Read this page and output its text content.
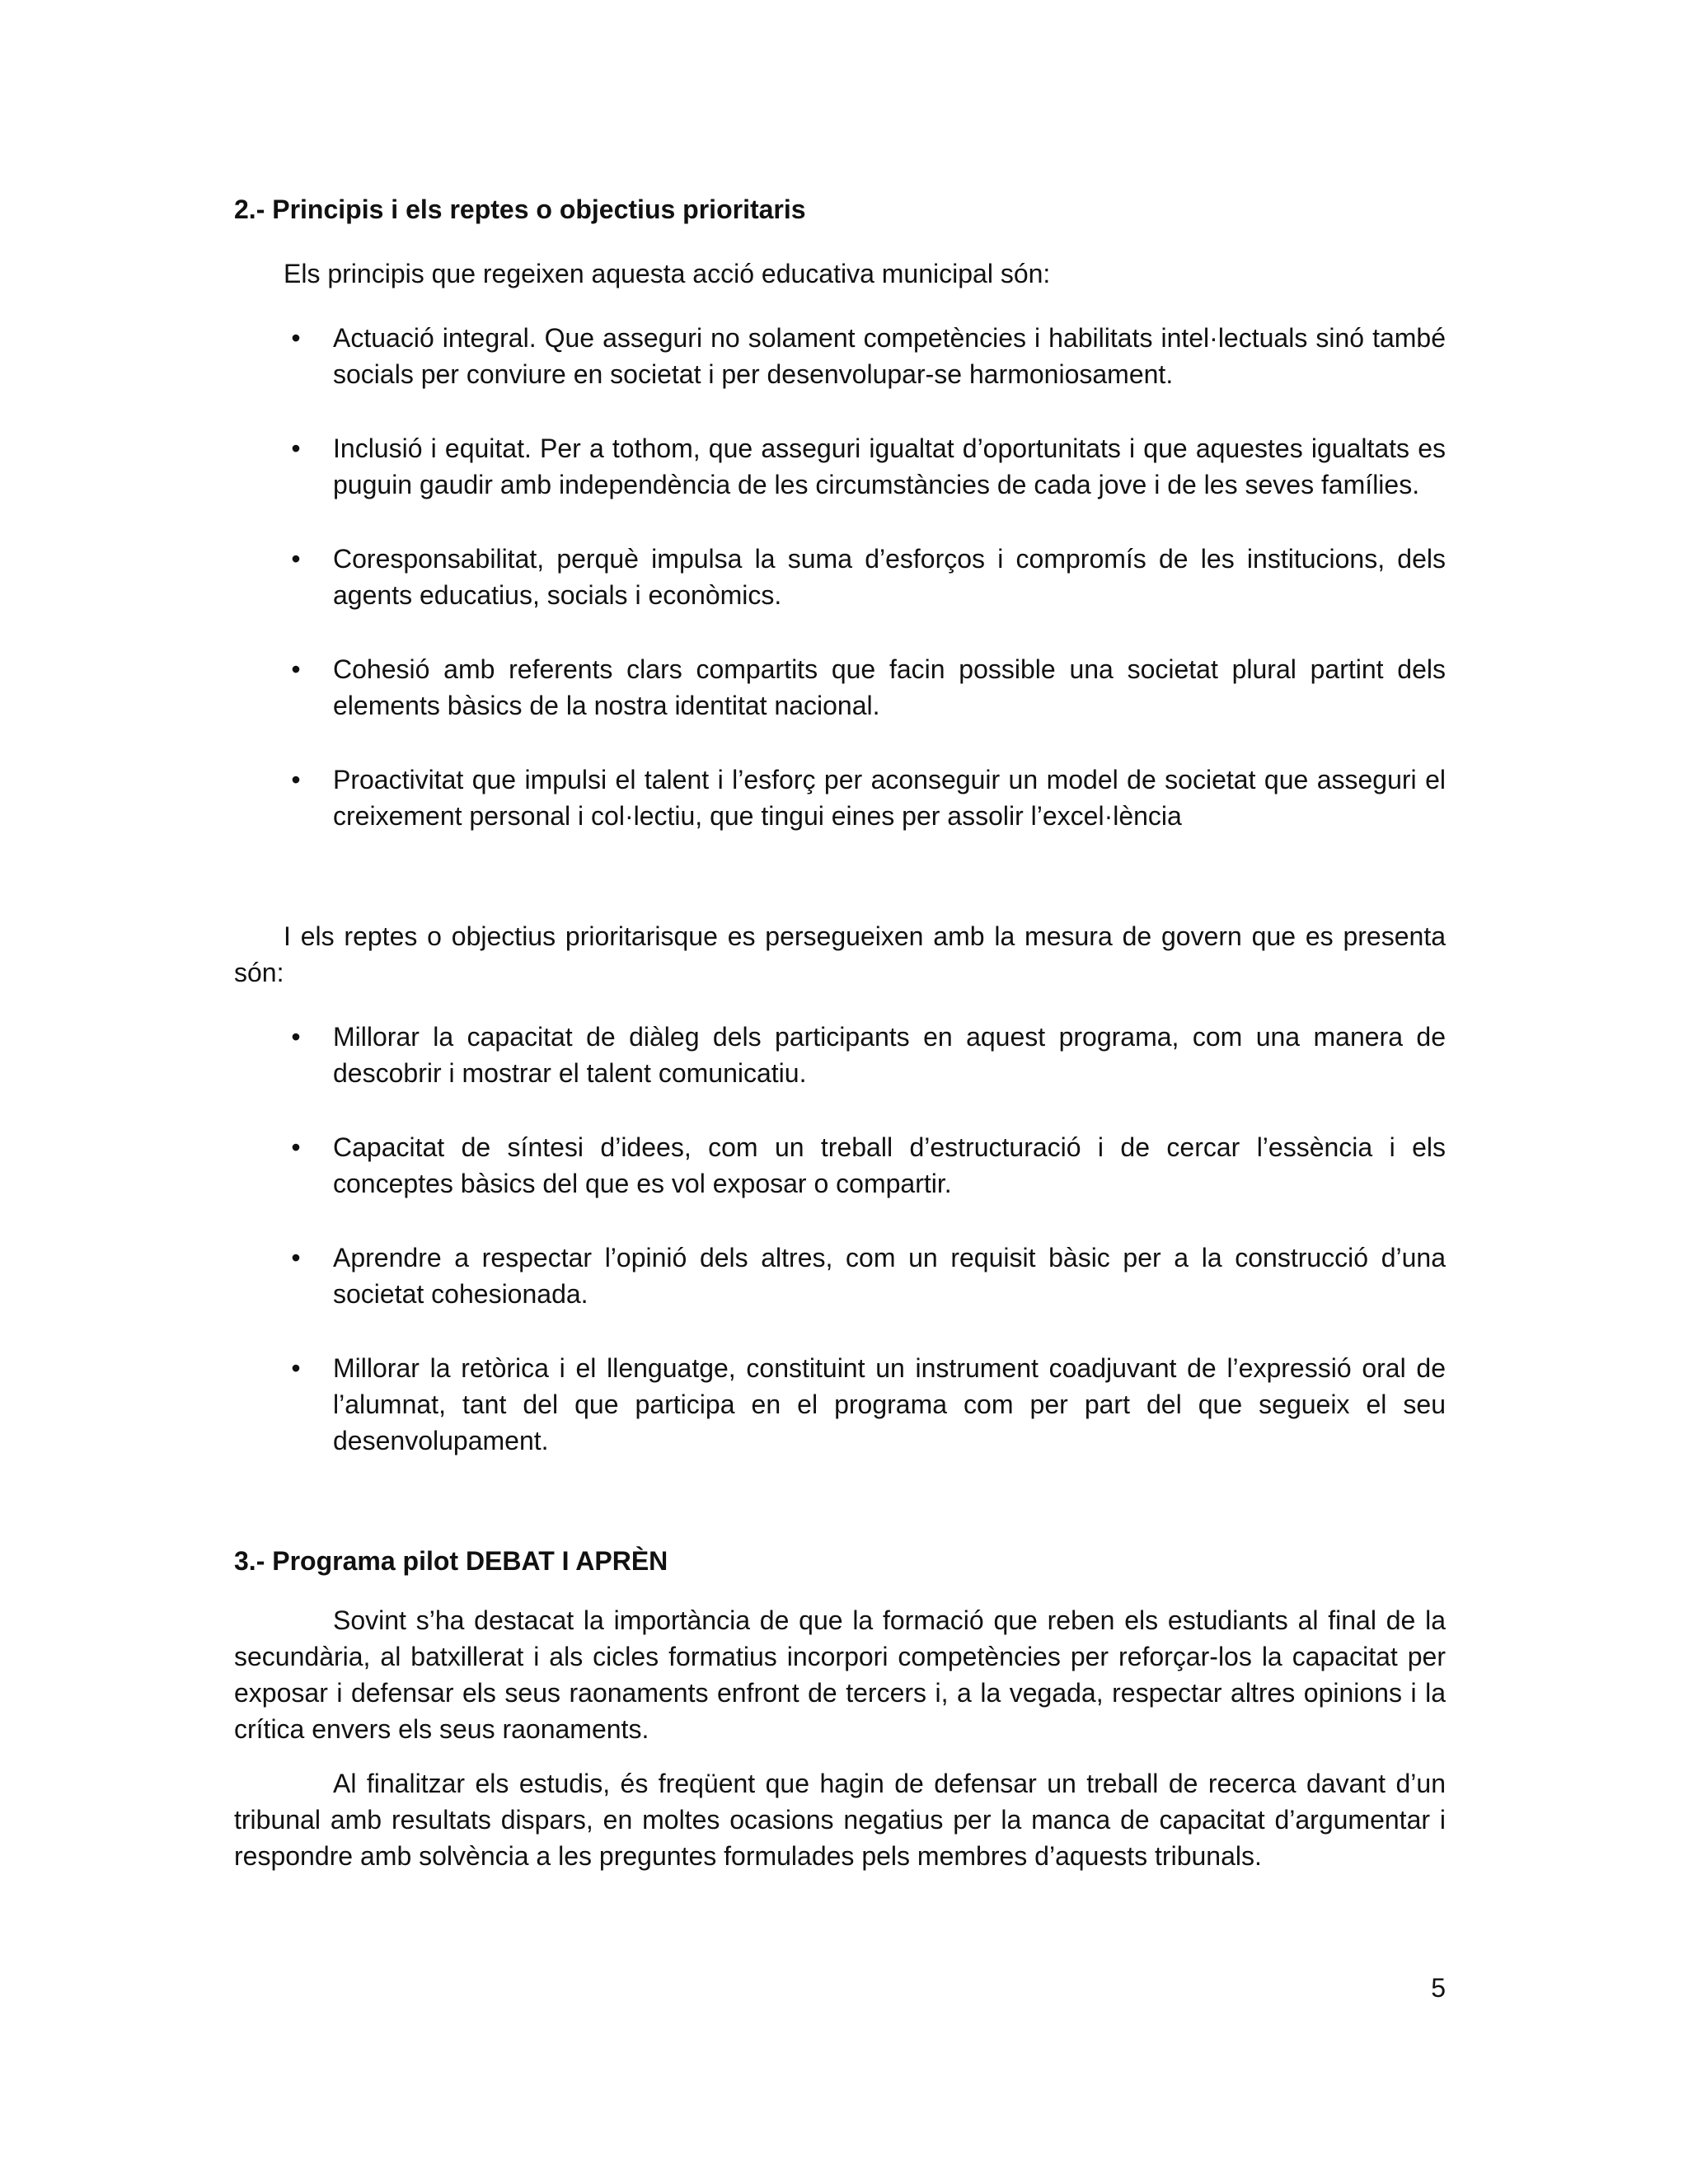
2.- Principis i els reptes o objectius prioritaris

Els principis que regeixen aquesta acció educativa municipal són:

• Actuació integral. Que asseguri no solament competències i habilitats intel·lectuals sinó també socials per conviure en societat i per desenvolupar-se harmoniosament.
• Inclusió i equitat. Per a tothom, que asseguri igualtat d’oportunitats i que aquestes igualtats es puguin gaudir amb independència de les circumstàncies de cada jove i de les seves famílies.
• Coresponsabilitat, perquè impulsa la suma d’esforços i compromís de les institucions, dels agents educatius, socials i econòmics.
• Cohesió amb referents clars compartits que facin possible una societat plural partint dels elements bàsics de la nostra identitat nacional.
• Proactivitat que impulsi el talent i l’esforç per aconseguir un model de societat que asseguri el creixement personal i col·lectiu, que tingui eines per assolir l’excel·lència

I els reptes o objectius prioritarisque es persegueixen amb la mesura de govern que es presenta són:

• Millorar la capacitat de diàleg dels participants en aquest programa, com una manera de descobrir i mostrar el talent comunicatiu.
• Capacitat de síntesi d’idees, com un treball d’estructuració i de cercar l’essència i els conceptes bàsics del que es vol exposar o compartir.
• Aprendre a respectar l’opinió dels altres, com un requisit bàsic per a la construcció d’una societat cohesionada.
• Millorar la retòrica i el llenguatge, constituint un instrument coadjuvant de l’expressió oral de l’alumnat, tant del que participa en el programa com per part del que segueix el seu desenvolupament.
3.- Programa pilot DEBAT I APRÈN

Sovint s’ha destacat la importància de que la formació que reben els estudiants al final de la secundària, al batxillerat i als cicles formatius incorpori competències per reforçar-los la capacitat per exposar i defensar els seus raonaments enfront de tercers i, a la vegada, respectar altres opinions i la crítica envers els seus raonaments.

Al finalitzar els estudis, és freqüent que hagin de defensar un treball de recerca davant d’un tribunal amb resultats dispars, en moltes ocasions negatius per la manca de capacitat d’argumentar i respondre amb solvència a les preguntes formulades pels membres d’aquests tribunals.

5
